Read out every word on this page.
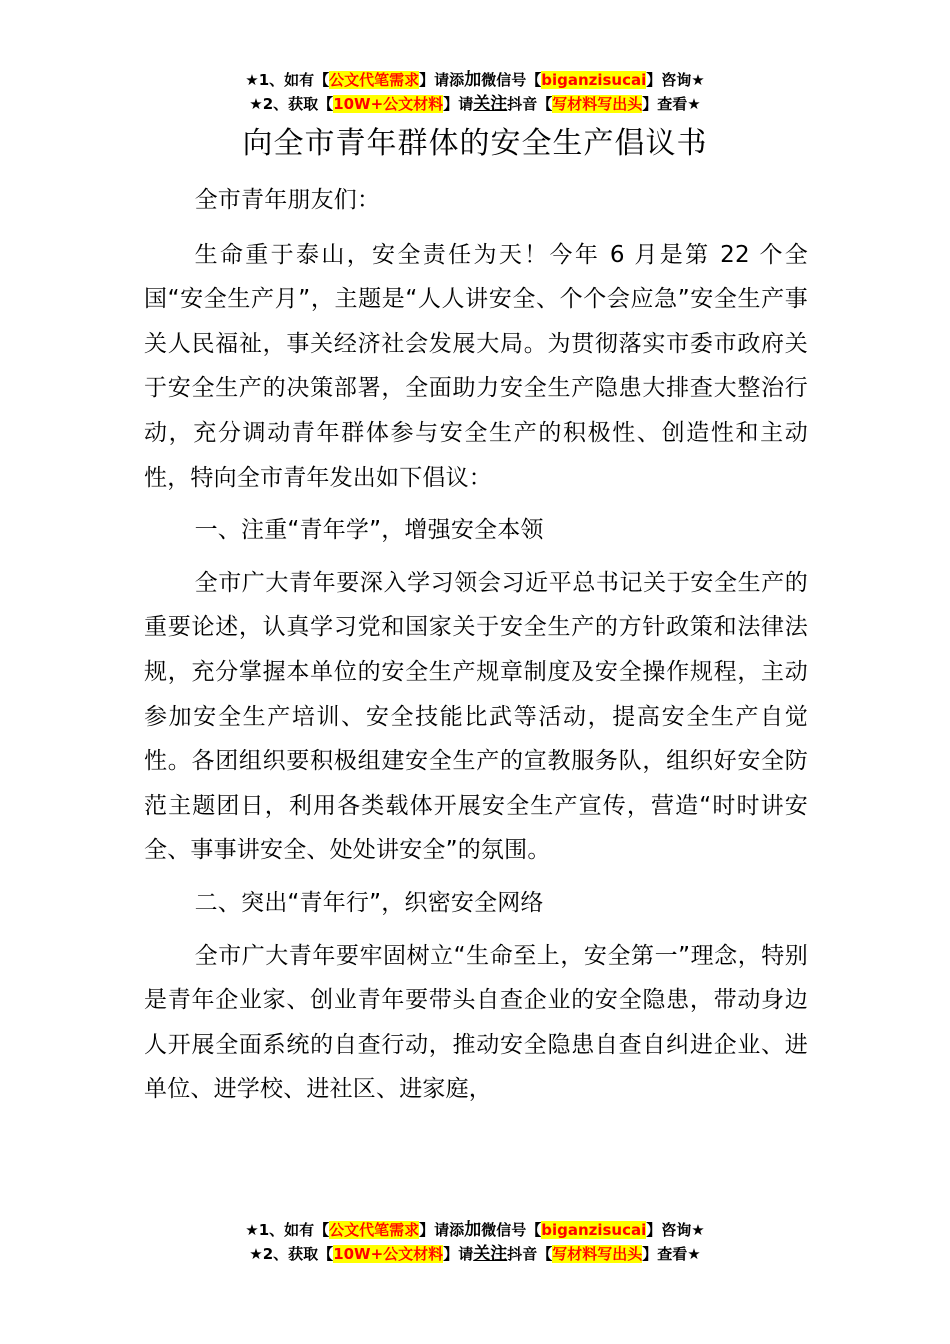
★1、如有【公文代笔需求】请添加微信号【biganzisucai】咨询★
★2、获取【10W+公文材料】请关注抖音【写材料写出头】查看★
向全市青年群体的安全生产倡议书

全市青年朋友们：

生命重于泰山，安全责任为天！今年 6 月是第 22 个全国“安全生产月”，主题是“人人讲安全、个个会应急”安全生产事关人民福祉，事关经济社会发展大局。为贯彻落实市委市政府关于安全生产的决策部署，全面助力安全生产隐患大排查大整治行动，充分调动青年群体参与安全生产的积极性、创造性和主动性，特向全市青年发出如下倡议：

一、注重“青年学”，增强安全本领

全市广大青年要深入学习领会习近平总书记关于安全生产的重要论述，认真学习党和国家关于安全生产的方针政策和法律法规，充分掌握本单位的安全生产规章制度及安全操作规程，主动参加安全生产培训、安全技能比武等活动，提高安全生产自觉性。各团组织要积极组建安全生产的宣教服务队，组织好安全防范主题团日，利用各类载体开展安全生产宣传，营造“时时讲安全、事事讲安全、处处讲安全”的氛围。

二、突出“青年行”，织密安全网络

全市广大青年要牢固树立“生命至上，安全第一”理念，特别是青年企业家、创业青年要带头自查企业的安全隐患，带动身边人开展全面系统的自查行动，推动安全隐患自查自纠进企业、进单位、进学校、进社区、进家庭，

★1、如有【公文代笔需求】请添加微信号【biganzisucai】咨询★
★2、获取【10W+公文材料】请关注抖音【写材料写出头】查看★
